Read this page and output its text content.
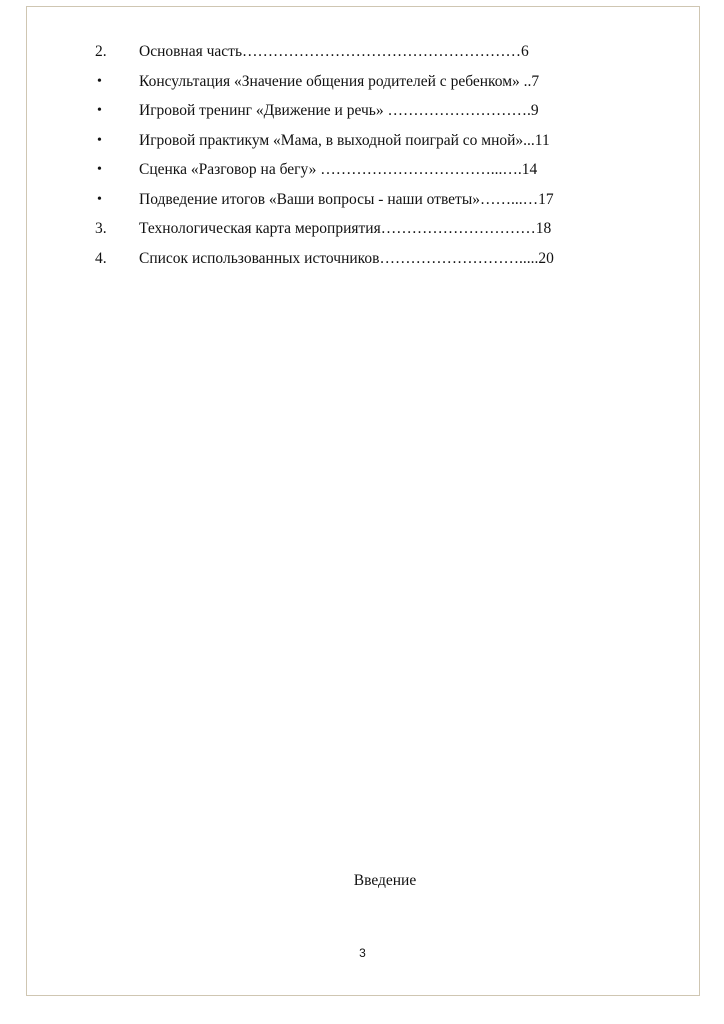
2.	Основная часть………………………………………………6
•	Консультация «Значение общения родителей с ребенком» ..7
•	Игровой тренинг «Движение и речь» ……………………….9
•	Игровой практикум «Мама, в выходной поиграй со мной»...11
•	Сценка «Разговор на бегу» ……………………………...….14
•	Подведение итогов «Ваши вопросы - наши ответы»……...…17
3.	Технологическая карта мероприятия…………………………18
4.	Список использованных источников……………………….....20
Введение
3
